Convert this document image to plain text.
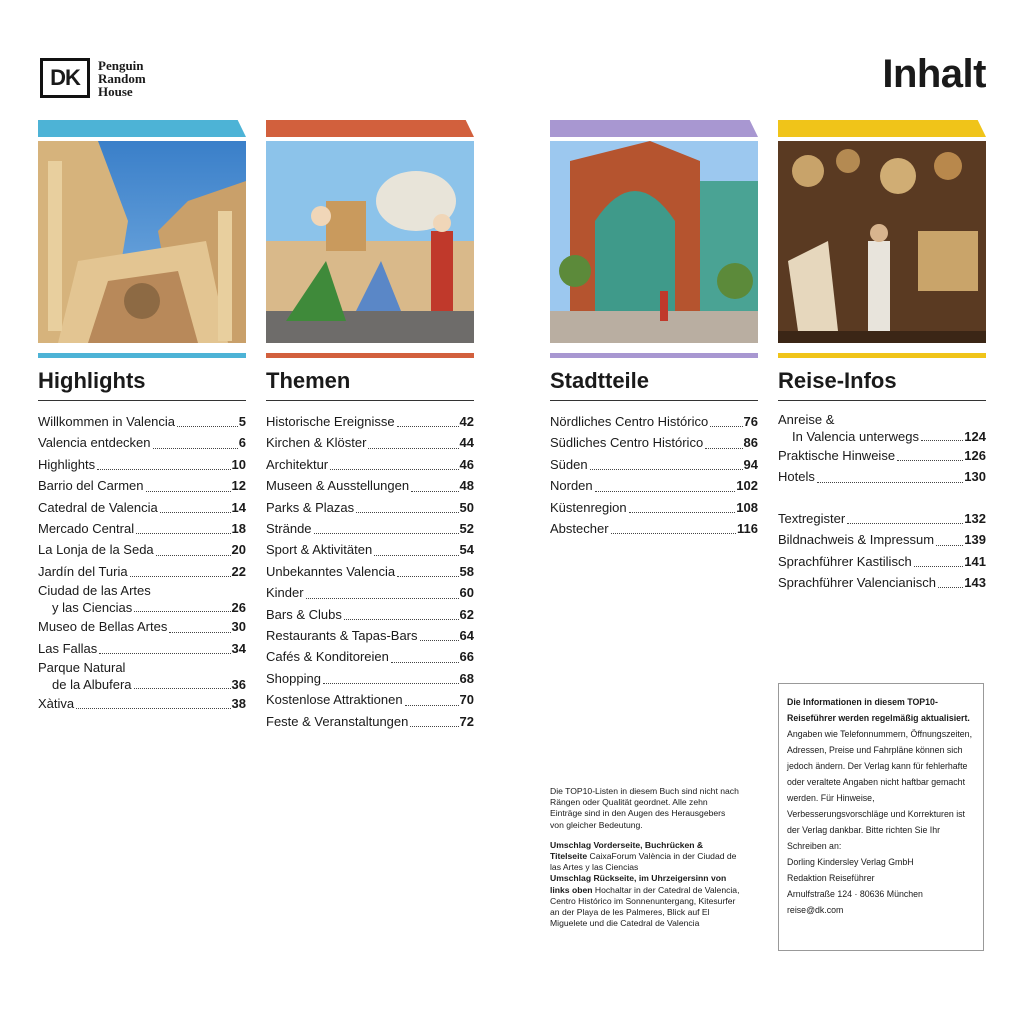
DK	Penguin
Random
House	Inhalt
Highlights
Willkommen in Valencia	5
Valencia entdecken	6
Highlights	10
Barrio del Carmen	12
Catedral de Valencia	14
Mercado Central	18
La Lonja de la Seda	20
Jardín del Turia	22
Ciudad de las Artes
y las Ciencias	26
Museo de Bellas Artes	30
Las Fallas	34
Parque Natural
de la Albufera	36
Xàtiva	38
Themen
Historische Ereignisse	42
Kirchen & Klöster	44
Architektur	46
Museen & Ausstellungen	48
Parks & Plazas	50
Strände	52
Sport & Aktivitäten	54
Unbekanntes Valencia	58
Kinder	60
Bars & Clubs	62
Restaurants & Tapas-Bars	64
Cafés & Konditoreien	66
Shopping	68
Kostenlose Attraktionen	70
Feste & Veranstaltungen	72
Stadtteile
Nördliches Centro Histórico	76
Südliches Centro Histórico	86
Süden	94
Norden	102
Küstenregion	108
Abstecher	116
Reise-Infos
Anreise &
In Valencia unterwegs	124
Praktische Hinweise	126
Hotels	130
Textregister	132
Bildnachweis & Impressum 139
Sprachführer Kastilisch	141
Sprachführer Valencianisch 143

Die TOP10-Listen in diesem Buch sind nicht nach Rängen oder Qualität geordnet. Alle zehn Einträge sind in den Augen des Herausgebers von gleicher Bedeutung.

Umschlag Vorderseite, Buchrücken & Titelseite CaixaForum València in der Ciudad de las Artes y las Ciencias
Umschlag Rückseite, im Uhrzeigersinn von links oben Hochaltar in der Catedral de Valencia, Centro Histórico im Sonnenuntergang, Kitesurfer an der Playa de les Palmeres, Blick auf El Miguelete und die Catedral de Valencia

Die Informationen in diesem TOP10-Reiseführer werden regelmäßig aktualisiert.
Angaben wie Telefonnummern, Öffnungszeiten, Adressen, Preise und Fahrpläne können sich jedoch ändern. Der Verlag kann für fehlerhafte oder veraltete Angaben nicht haftbar gemacht werden. Für Hinweise, Verbesserungsvorschläge und Korrekturen ist der Verlag dankbar. Bitte richten Sie Ihr Schreiben an:
Dorling Kindersley Verlag GmbH
Redaktion Reiseführer
Arnulfstraße 124 · 80636 München
reise@dk.com
